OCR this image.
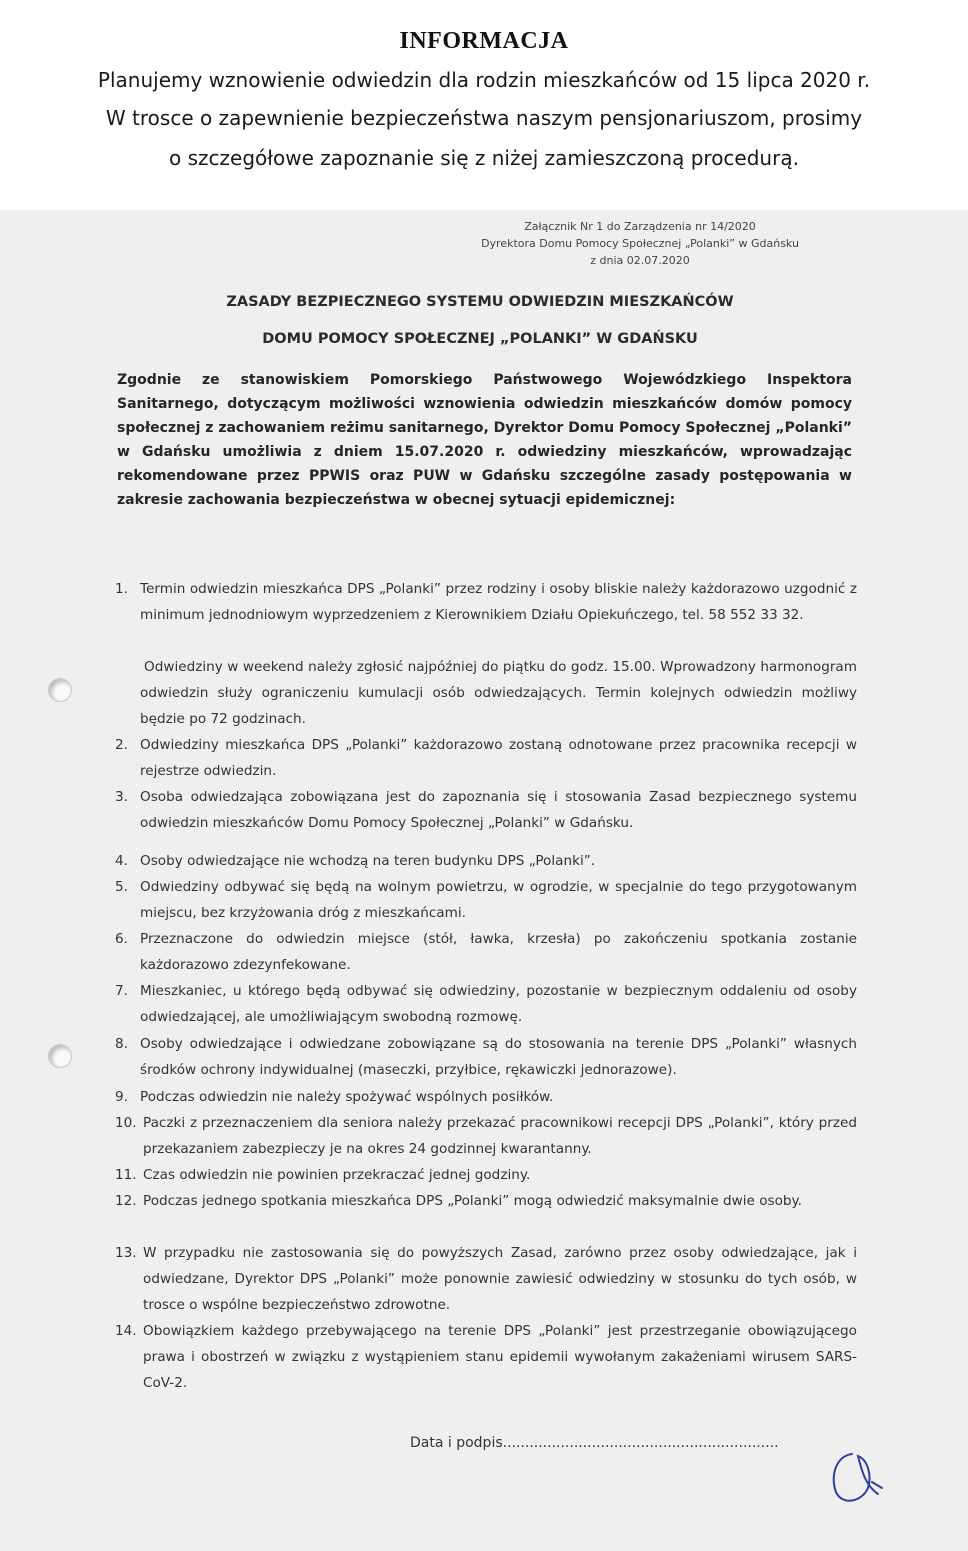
INFORMACJA
Planujemy wznowienie odwiedzin dla rodzin mieszkańców od 15 lipca 2020 r.
W trosce o zapewnienie bezpieczeństwa naszym pensjonariuszom, prosimy
o szczegółowe zapoznanie się z niżej zamieszczoną procedurą.
Załącznik Nr 1 do Zarządzenia nr 14/2020
Dyrektora Domu Pomocy Społecznej „Polanki” w Gdańsku
z dnia 02.07.2020
ZASADY BEZPIECZNEGO SYSTEMU ODWIEDZIN MIESZKAŃCÓW
DOMU POMOCY SPOŁECZNEJ „POLANKI” W GDAŃSKU
Zgodnie ze stanowiskiem Pomorskiego Państwowego Wojewódzkiego Inspektora Sanitarnego, dotyczącym możliwości wznowienia odwiedzin mieszkańców domów pomocy społecznej z zachowaniem reżimu sanitarnego, Dyrektor Domu Pomocy Społecznej „Polanki” w Gdańsku umożliwia z dniem 15.07.2020 r. odwiedziny mieszkańców, wprowadzając rekomendowane przez PPWIS oraz PUW w Gdańsku szczególne zasady postępowania w zakresie zachowania bezpieczeństwa w obecnej sytuacji epidemicznej:
1. Termin odwiedzin mieszkańca DPS „Polanki” przez rodziny i osoby bliskie należy każdorazowo uzgodnić z minimum jednodniowym wyprzedzeniem z Kierownikiem Działu Opiekuńczego, tel. 58 552 33 32.
Odwiedziny w weekend należy zgłosić najpóźniej do piątku do godz. 15.00. Wprowadzony harmonogram odwiedzin służy ograniczeniu kumulacji osób odwiedzających. Termin kolejnych odwiedzin możliwy będzie po 72 godzinach.
2. Odwiedziny mieszkańca DPS „Polanki” każdorazowo zostaną odnotowane przez pracownika recepcji w rejestrze odwiedzin.
3. Osoba odwiedzająca zobowiązana jest do zapoznania się i stosowania Zasad bezpiecznego systemu odwiedzin mieszkańców Domu Pomocy Społecznej „Polanki” w Gdańsku.
4. Osoby odwiedzające nie wchodzą na teren budynku DPS „Polanki”.
5. Odwiedziny odbywać się będą na wolnym powietrzu, w ogrodzie, w specjalnie do tego przygotowanym miejscu, bez krzyżowania dróg z mieszkańcami.
6. Przeznaczone do odwiedzin miejsce (stół, ławka, krzesła) po zakończeniu spotkania zostanie każdorazowo zdezynfekowane.
7. Mieszkaniec, u którego będą odbywać się odwiedziny, pozostanie w bezpiecznym oddaleniu od osoby odwiedzającej, ale umożliwiającym swobodną rozmowę.
8. Osoby odwiedzające i odwiedzane zobowiązane są do stosowania na terenie DPS „Polanki” własnych środków ochrony indywidualnej (maseczki, przyłbice, rękawiczki jednorazowe).
9. Podczas odwiedzin nie należy spożywać wspólnych posiłków.
10. Paczki z przeznaczeniem dla seniora należy przekazać pracownikowi recepcji DPS „Polanki”, który przed przekazaniem zabezpieczy je na okres 24 godzinnej kwarantanny.
11. Czas odwiedzin nie powinien przekraczać jednej godziny.
12. Podczas jednego spotkania mieszkańca DPS „Polanki” mogą odwiedzić maksymalnie dwie osoby.
13. W przypadku nie zastosowania się do powyższych Zasad, zarówno przez osoby odwiedzające, jak i odwiedzane, Dyrektor DPS „Polanki” może ponownie zawiesić odwiedziny w stosunku do tych osób, w trosce o wspólne bezpieczeństwo zdrowotne.
14. Obowiązkiem każdego przebywającego na terenie DPS „Polanki” jest przestrzeganie obowiązującego prawa i obostrzeń w związku z wystąpieniem stanu epidemii wywołanym zakażeniami wirusem SARS-CoV-2.
Data i podpis..............................................................
